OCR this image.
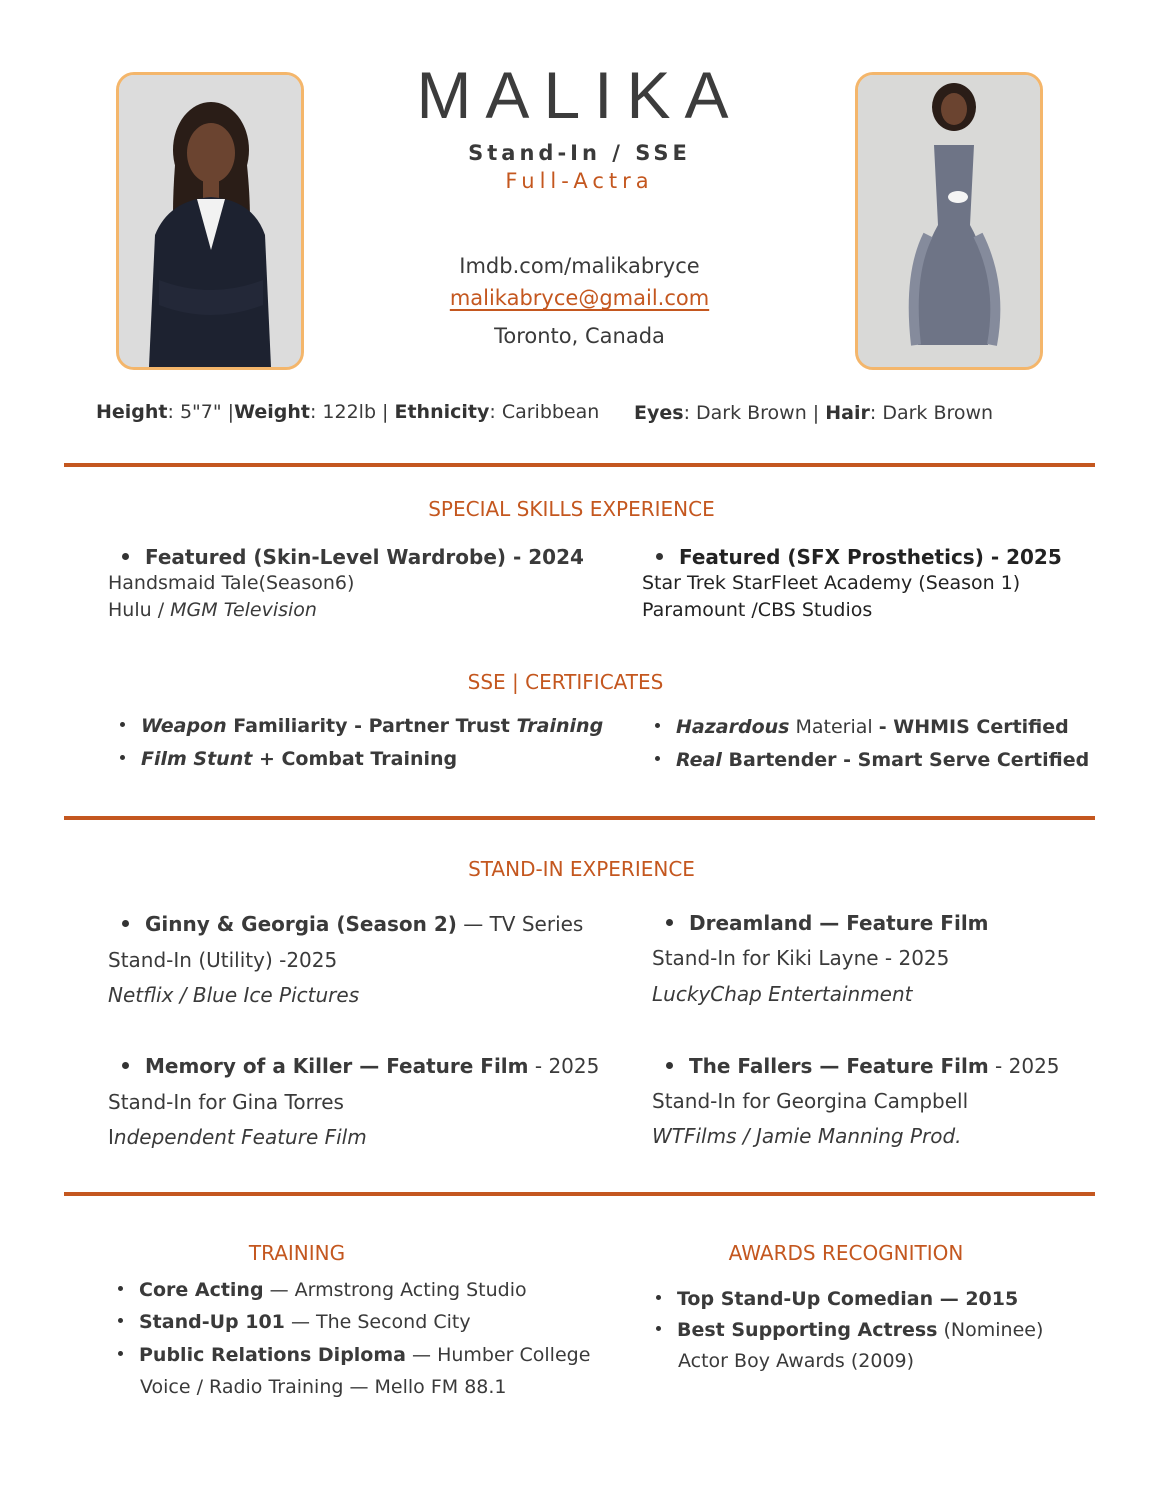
MALIKA
Stand-In / SSE
Full-Actra
Imdb.com/malikabryce
malikabryce@gmail.com
Toronto, Canada
Height: 5"7" |Weight: 122lb | Ethnicity: Caribbean Eyes: Dark Brown | Hair: Dark Brown
SPECIAL SKILLS EXPERIENCE
Featured (Skin-Level Wardrobe) - 2024
Handsmaid Tale(Season6)
Hulu / MGM Television
Featured (SFX Prosthetics) - 2025
Star Trek StarFleet Academy (Season 1)
Paramount /CBS Studios
SSE | CERTIFICATES
Weapon Familiarity - Partner Trust Training
Film Stunt + Combat Training
Hazardous Material - WHMIS Certified
Real Bartender - Smart Serve Certified
STAND-IN EXPERIENCE
Ginny & Georgia (Season 2) — TV Series
Stand-In (Utility) -2025
Netflix / Blue Ice Pictures
Dreamland — Feature Film
Stand-In for Kiki Layne - 2025
LuckyChap Entertainment
Memory of a Killer — Feature Film - 2025
Stand-In for Gina Torres
Independent Feature Film
The Fallers — Feature Film - 2025
Stand-In for Georgina Campbell
WTFilms / Jamie Manning Prod.
TRAINING
Core Acting — Armstrong Acting Studio
Stand-Up 101 — The Second City
Public Relations Diploma — Humber College
Voice / Radio Training — Mello FM 88.1
AWARDS RECOGNITION
Top Stand-Up Comedian — 2015
Best Supporting Actress (Nominee)
Actor Boy Awards (2009)
